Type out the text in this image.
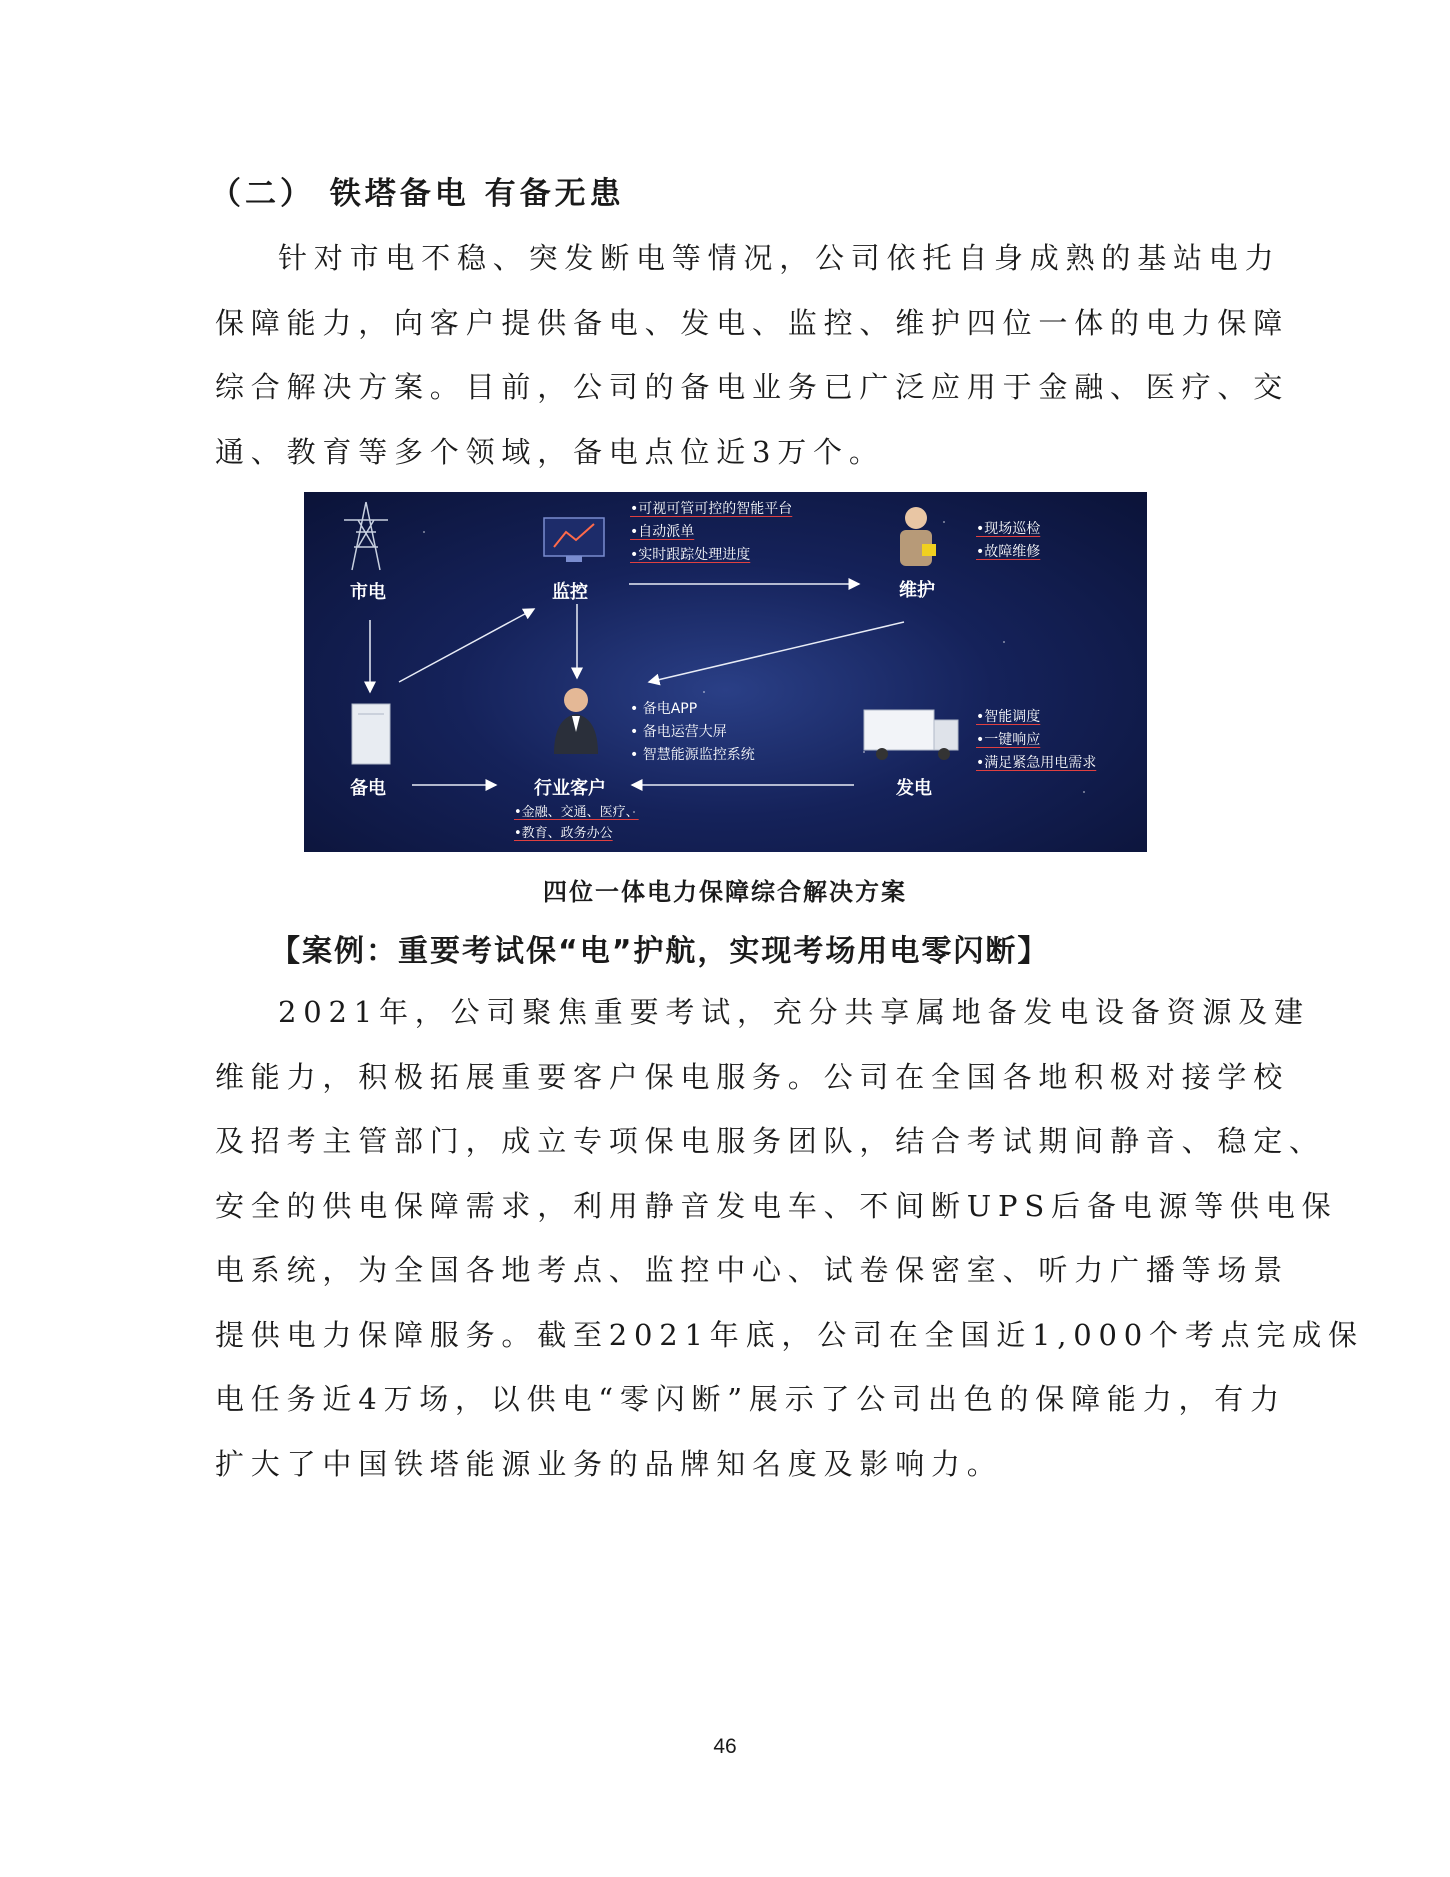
（二） 铁塔备电 有备无患
针对市电不稳、突发断电等情况，公司依托自身成熟的基站电力
保障能力，向客户提供备电、发电、监控、维护四位一体的电力保障
综合解决方案。目前，公司的备电业务已广泛应用于金融、医疗、交
通、教育等多个领域，备电点位近3万个。
市电	监控	维护
备电	行业客户	发电
•可视可管可控的智能平台
•自动派单
•实时跟踪处理进度
•现场巡检
•故障维修
• 备电APP
• 备电运营大屏
• 智慧能源监控系统
•智能调度
•一键响应
•满足紧急用电需求
•金融、交通、医疗、
•教育、政务办公
四位一体电力保障综合解决方案
【案例：重要考试保“电”护航，实现考场用电零闪断】
2021年，公司聚焦重要考试，充分共享属地备发电设备资源及建
维能力，积极拓展重要客户保电服务。公司在全国各地积极对接学校
及招考主管部门，成立专项保电服务团队，结合考试期间静音、稳定、
安全的供电保障需求，利用静音发电车、不间断UPS后备电源等供电保
电系统，为全国各地考点、监控中心、试卷保密室、听力广播等场景
提供电力保障服务。截至2021年底，公司在全国近1,000个考点完成保
电任务近4万场，以供电“零闪断”展示了公司出色的保障能力，有力
扩大了中国铁塔能源业务的品牌知名度及影响力。
46
